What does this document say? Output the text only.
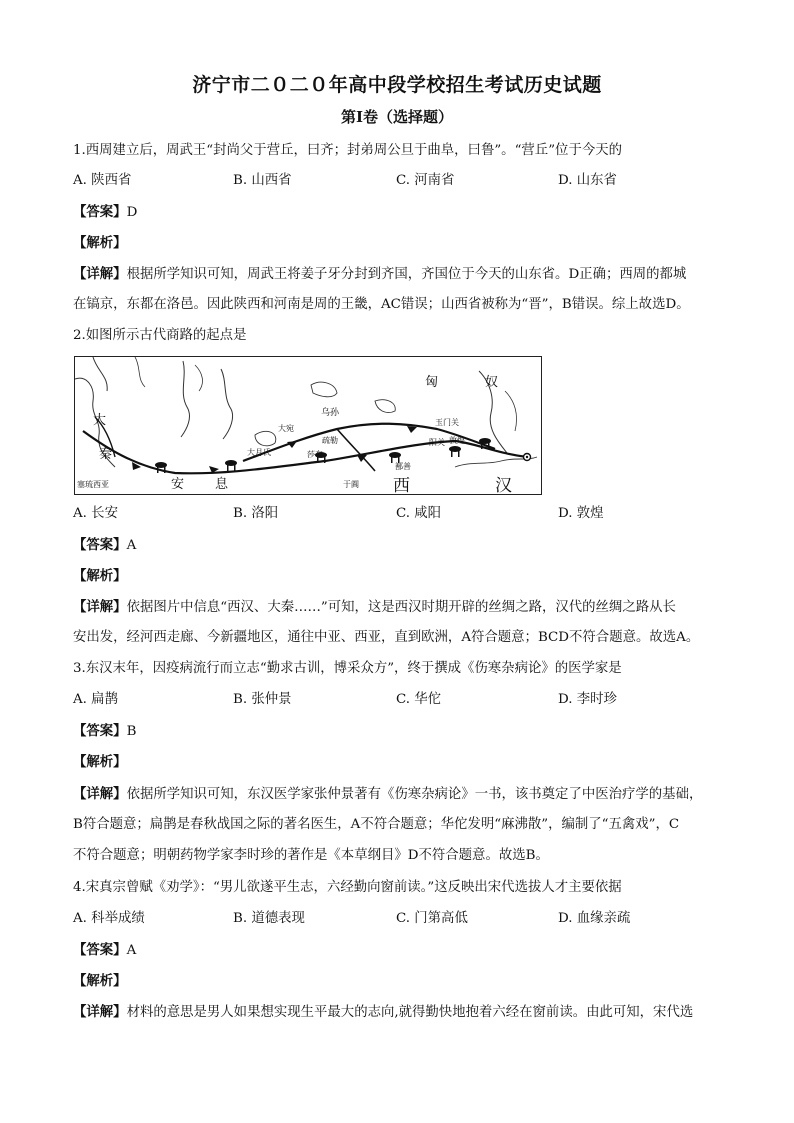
济宁市二０二０年高中段学校招生考试历史试题
第Ⅰ卷（选择题）
1.西周建立后，周武王“封尚父于营丘，曰齐；封弟周公旦于曲阜，曰鲁”。“营丘”位于今天的
A. 陕西省	B. 山西省	C. 河南省	D. 山东省
【答案】D
【解析】
【详解】根据所学知识可知，周武王将姜子牙分封到齐国，齐国位于今天的山东省。D正确；西周的都城
在镐京，东都在洛邑。因此陕西和河南是周的王畿，AC错误；山西省被称为“晋”，B错误。综上故选D。
2.如图所示古代商路的起点是
匈	奴
大
秦
乌孙
大宛
玉门关
阳关 敦煌
疏勒
大月氏	莎车
于阗
鄯善
塞琉西亚	安 息	西	汉
A. 长安	B. 洛阳	C. 咸阳	D. 敦煌
【答案】A
【解析】
【详解】依据图片中信息“西汉、大秦……”可知，这是西汉时期开辟的丝绸之路，汉代的丝绸之路从长
安出发，经河西走廊、今新疆地区，通往中亚、西亚，直到欧洲，A符合题意；BCD不符合题意。故选A。
3.东汉末年，因疫病流行而立志“勤求古训，博采众方”，终于撰成《伤寒杂病论》的医学家是
A. 扁鹊	B. 张仲景	C. 华佗	D. 李时珍
【答案】B
【解析】
【详解】依据所学知识可知，东汉医学家张仲景著有《伤寒杂病论》一书，该书奠定了中医治疗学的基础，
B符合题意；扁鹊是春秋战国之际的著名医生，A不符合题意；华佗发明“麻沸散”，编制了“五禽戏”，C
不符合题意；明朝药物学家李时珍的著作是《本草纲目》D不符合题意。故选B。
4.宋真宗曾赋《劝学》：“男儿欲遂平生志，六经勤向窗前读。”这反映出宋代选拔人才主要依据
A. 科举成绩	B. 道德表现	C. 门第高低	D. 血缘亲疏
【答案】A
【解析】
【详解】材料的意思是男人如果想实现生平最大的志向,就得勤快地抱着六经在窗前读。由此可知，宋代选
